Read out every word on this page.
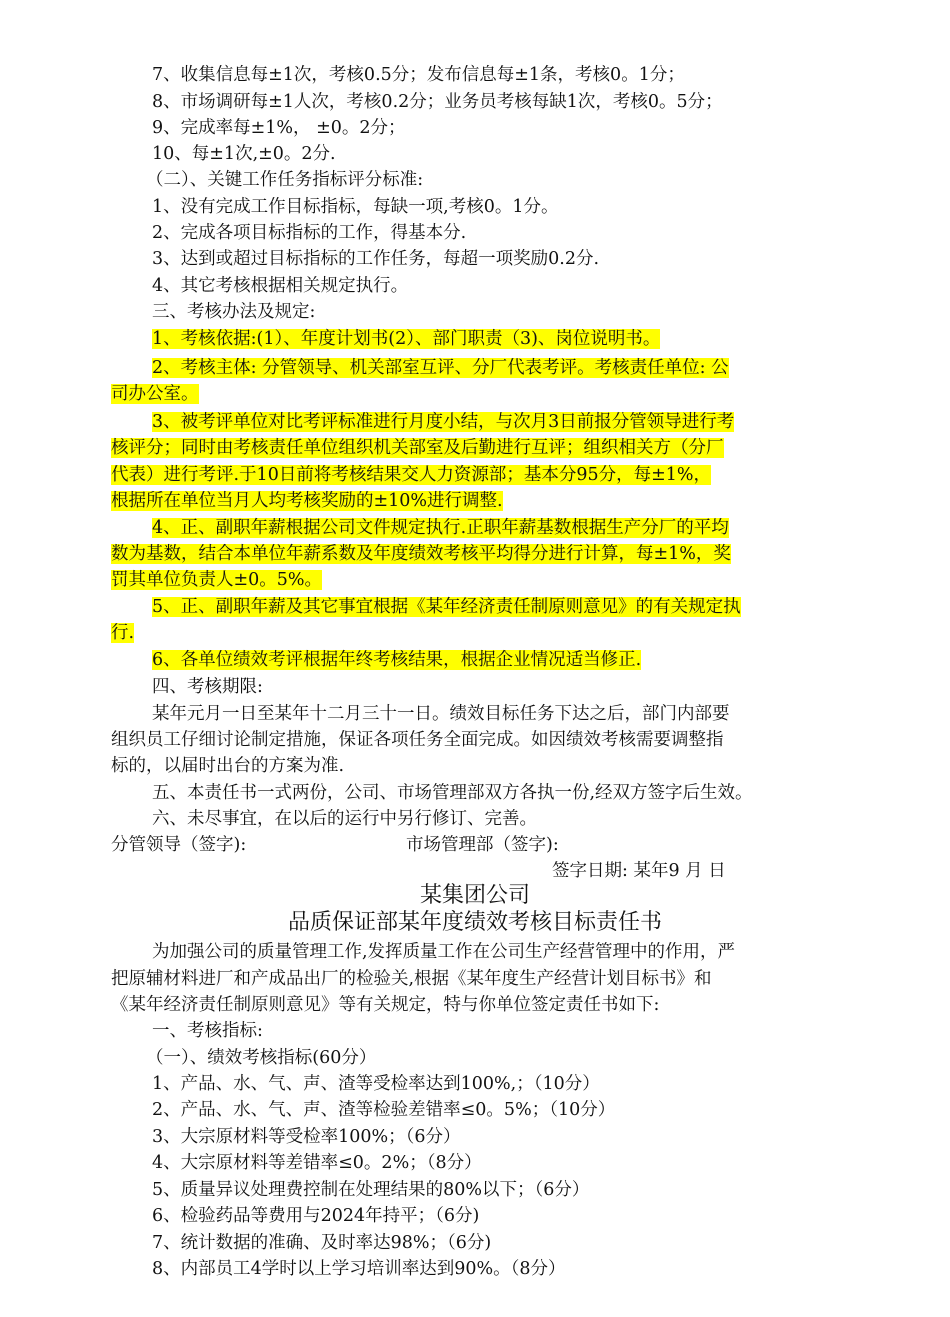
7、收集信息每±1次，考核0.5分；发布信息每±1条，考核0。1分；
8、市场调研每±1人次，考核0.2分；业务员考核每缺1次，考核0。5分；
9、完成率每±1%， ±0。2分；
10、每±1次,±0。2分.
（二）、关键工作任务指标评分标准:
1、没有完成工作目标指标，每缺一项,考核0。1分。
2、完成各项目标指标的工作，得基本分.
3、达到或超过目标指标的工作任务，每超一项奖励0.2分.
4、其它考核根据相关规定执行。
三、考核办法及规定:
1、考核依据:(1）、年度计划书(2）、部门职责（3)、岗位说明书。
2、考核主体: 分管领导、机关部室互评、分厂代表考评。考核责任单位: 公
司办公室。
3、被考评单位对比考评标准进行月度小结，与次月3日前报分管领导进行考
核评分；同时由考核责任单位组织机关部室及后勤进行互评；组织相关方（分厂
代表）进行考评.于10日前将考核结果交人力资源部；基本分95分，每±1%，
根据所在单位当月人均考核奖励的±10%进行调整.
4、正、副职年薪根据公司文件规定执行.正职年薪基数根据生产分厂的平均
数为基数，结合本单位年薪系数及年度绩效考核平均得分进行计算，每±1%，奖
罚其单位负责人±0。5%。
5、正、副职年薪及其它事宜根据《某年经济责任制原则意见》的有关规定执
行.
6、各单位绩效考评根据年终考核结果，根据企业情况适当修正.
四、考核期限:
某年元月一日至某年十二月三十一日。绩效目标任务下达之后，部门内部要
组织员工仔细讨论制定措施，保证各项任务全面完成。如因绩效考核需要调整指
标的，以届时出台的方案为准.
五、本责任书一式两份，公司、市场管理部双方各执一份,经双方签字后生效。
六、未尽事宜，在以后的运行中另行修订、完善。
分管领导（签字):	市场管理部（签字):
签字日期: 某年9 月 日
某集团公司
品质保证部某年度绩效考核目标责任书
为加强公司的质量管理工作,发挥质量工作在公司生产经营管理中的作用，严
把原辅材料进厂和产成品出厂的检验关,根据《某年度生产经营计划目标书》和
《某年经济责任制原则意见》等有关规定，特与你单位签定责任书如下:
一、考核指标:
（一）、绩效考核指标(60分）
1、产品、水、气、声、渣等受检率达到100%,；（10分）
2、产品、水、气、声、渣等检验差错率≤0。5%；（10分）
3、大宗原材料等受检率100%；（6分）
4、大宗原材料等差错率≤0。2%；（8分）
5、质量异议处理费控制在处理结果的80%以下；（6分）
6、检验药品等费用与2024年持平；（6分)
7、统计数据的准确、及时率达98%；（6分)
8、内部员工4学时以上学习培训率达到90%。（8分）
